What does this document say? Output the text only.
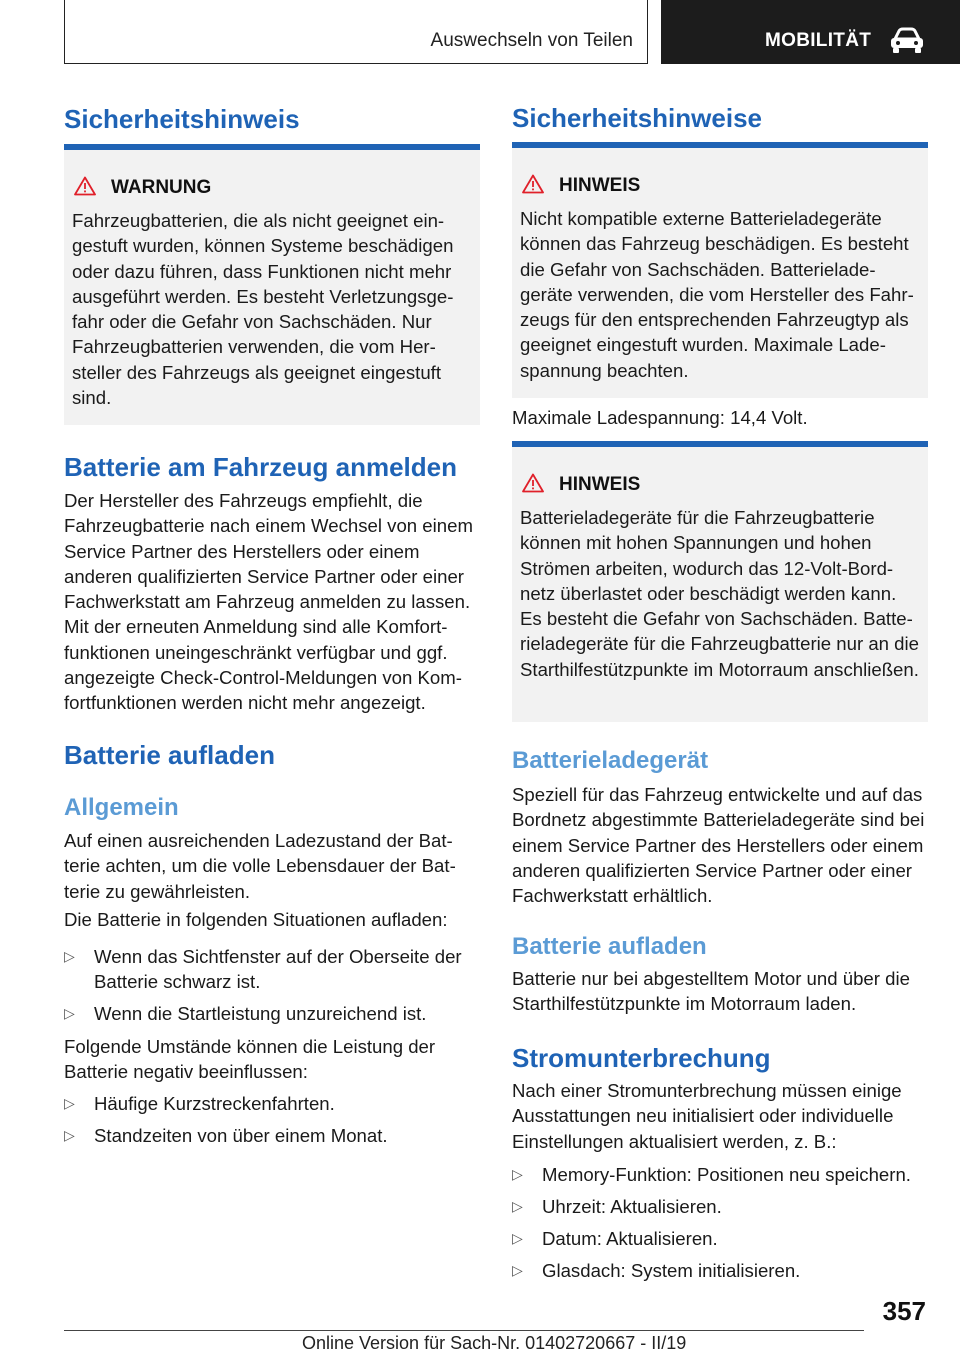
Auswechseln von Teilen	MOBILITÄT
Sicherheitshinweis
WARNUNG
Fahrzeugbatterien, die als nicht geeignet eingestuft wurden, können Systeme beschädigen oder dazu führen, dass Funktionen nicht mehr ausgeführt werden. Es besteht Verletzungsgefahr oder die Gefahr von Sachschäden. Nur Fahrzeugbatterien verwenden, die vom Hersteller des Fahrzeugs als geeignet eingestuft sind.
Batterie am Fahrzeug anmelden
Der Hersteller des Fahrzeugs empfiehlt, die Fahrzeugbatterie nach einem Wechsel von einem Service Partner des Herstellers oder einem anderen qualifizierten Service Partner oder einer Fachwerkstatt am Fahrzeug anmelden zu lassen. Mit der erneuten Anmeldung sind alle Komfortfunktionen uneingeschränkt verfügbar und ggf. angezeigte Check-Control-Meldungen von Komfortfunktionen werden nicht mehr angezeigt.
Batterie aufladen
Allgemein
Auf einen ausreichenden Ladezustand der Batterie achten, um die volle Lebensdauer der Batterie zu gewährleisten.
Die Batterie in folgenden Situationen aufladen:
▷ Wenn das Sichtfenster auf der Oberseite der Batterie schwarz ist.
▷ Wenn die Startleistung unzureichend ist.
Folgende Umstände können die Leistung der Batterie negativ beeinflussen:
▷ Häufige Kurzstreckenfahrten.
▷ Standzeiten von über einem Monat.
Sicherheitshinweise
HINWEIS
Nicht kompatible externe Batterieladegeräte können das Fahrzeug beschädigen. Es besteht die Gefahr von Sachschäden. Batterieladegeräte verwenden, die vom Hersteller des Fahrzeugs für den entsprechenden Fahrzeugtyp als geeignet eingestuft wurden. Maximale Ladespannung beachten.
Maximale Ladespannung: 14,4 Volt.
HINWEIS
Batterieladegeräte für die Fahrzeugbatterie können mit hohen Spannungen und hohen Strömen arbeiten, wodurch das 12-Volt-Bordnetz überlastet oder beschädigt werden kann. Es besteht die Gefahr von Sachschäden. Batterieladegeräte für die Fahrzeugbatterie nur an die Starthilfestützpunkte im Motorraum anschließen.
Batterieladegerät
Speziell für das Fahrzeug entwickelte und auf das Bordnetz abgestimmte Batterieladegeräte sind bei einem Service Partner des Herstellers oder einem anderen qualifizierten Service Partner oder einer Fachwerkstatt erhältlich.
Batterie aufladen
Batterie nur bei abgestelltem Motor und über die Starthilfestützpunkte im Motorraum laden.
Stromunterbrechung
Nach einer Stromunterbrechung müssen einige Ausstattungen neu initialisiert oder individuelle Einstellungen aktualisiert werden, z. B.:
▷ Memory-Funktion: Positionen neu speichern.
▷ Uhrzeit: Aktualisieren.
▷ Datum: Aktualisieren.
▷ Glasdach: System initialisieren.
357
Online Version für Sach-Nr. 01402720667 - II/19
